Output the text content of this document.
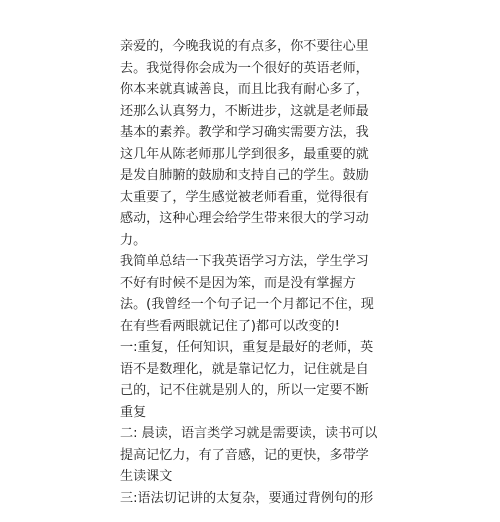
亲爱的，今晚我说的有点多，你不要往心里
去。我觉得你会成为一个很好的英语老师，
你本来就真诚善良，而且比我有耐心多了，
还那么认真努力，不断进步，这就是老师最
基本的素养。教学和学习确实需要方法，我
这几年从陈老师那儿学到很多，最重要的就
是发自肺腑的鼓励和支持自己的学生。鼓励
太重要了，学生感觉被老师看重，觉得很有
感动，这种心理会给学生带来很大的学习动
力。
我简单总结一下我英语学习方法，学生学习
不好有时候不是因为笨，而是没有掌握方
法。(我曾经一个句子记一个月都记不住，现
在有些看两眼就记住了)都可以改变的!
一:重复，任何知识，重复是最好的老师，英
语不是数理化，就是靠记忆力，记住就是自
己的，记不住就是别人的，所以一定要不断
重复
二: 晨读，语言类学习就是需要读，读书可以
提高记忆力，有了音感，记的更快，多带学
生读课文
三:语法切记讲的太复杂，要通过背例句的形
